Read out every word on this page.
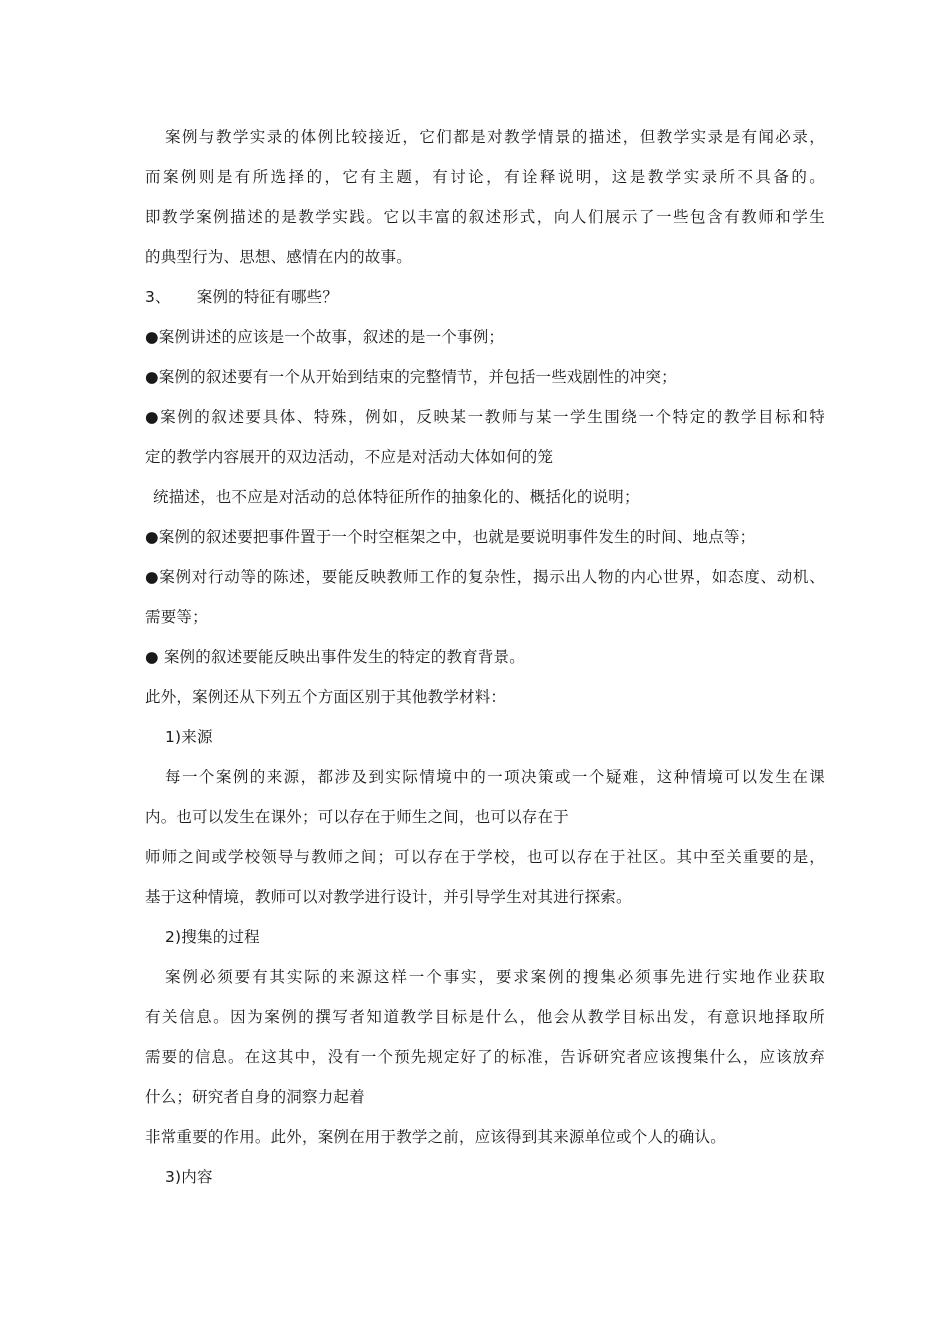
案例与教学实录的体例比较接近，它们都是对教学情景的描述，但教学实录是有闻必录，
而案例则是有所选择的，它有主题，有讨论，有诠释说明，这是教学实录所不具备的。
即教学案例描述的是教学实践。它以丰富的叙述形式，向人们展示了一些包含有教师和学生
的典型行为、思想、感情在内的故事。
3、 案例的特征有哪些？
●案例讲述的应该是一个故事，叙述的是一个事例；
●案例的叙述要有一个从开始到结束的完整情节，并包括一些戏剧性的冲突；
●案例的叙述要具体、特殊，例如，反映某一教师与某一学生围绕一个特定的教学目标和特
定的教学内容展开的双边活动，不应是对活动大体如何的笼
统描述，也不应是对活动的总体特征所作的抽象化的、概括化的说明；
●案例的叙述要把事件置于一个时空框架之中，也就是要说明事件发生的时间、地点等；
●案例对行动等的陈述，要能反映教师工作的复杂性，揭示出人物的内心世界，如态度、动机、
需要等；
● 案例的叙述要能反映出事件发生的特定的教育背景。
此外，案例还从下列五个方面区别于其他教学材料：
1)来源
每一个案例的来源，都涉及到实际情境中的一项决策或一个疑难，这种情境可以发生在课
内。也可以发生在课外；可以存在于师生之间，也可以存在于
师师之间或学校领导与教师之间；可以存在于学校，也可以存在于社区。其中至关重要的是，
基于这种情境，教师可以对教学进行设计，并引导学生对其进行探索。
2)搜集的过程
案例必须要有其实际的来源这样一个事实，要求案例的搜集必须事先进行实地作业获取
有关信息。因为案例的撰写者知道教学目标是什么，他会从教学目标出发，有意识地择取所
需要的信息。在这其中，没有一个预先规定好了的标准，告诉研究者应该搜集什么，应该放弃
什么；研究者自身的洞察力起着
非常重要的作用。此外，案例在用于教学之前，应该得到其来源单位或个人的确认。
3)内容
